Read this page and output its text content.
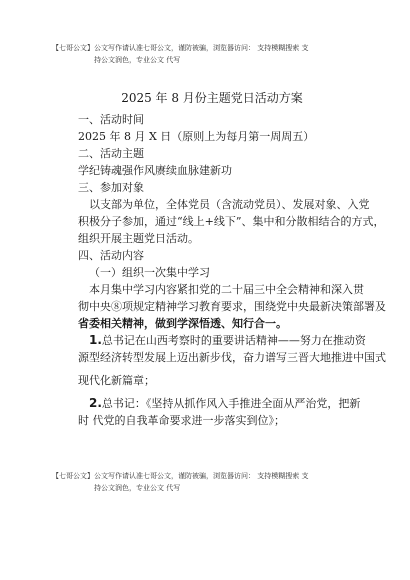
【七哥公文】公文写作请认准七哥公文，谨防被骗，浏览器访问： 支持模糊搜索 支
持公文润色，专业公文 代写

2025 年 8 月份主题党日活动方案

一、活动时间

2025 年 8 月 X 日（原则上为每月第一周周五）

二、活动主题

学纪铸魂强作风赓续血脉建新功

三、参加对象

以支部为单位，全体党员（含流动党员）、发展对象、入党

积极分子参加，通过“线上+线下”、集中和分散相结合的方式，

组织开展主题党日活动。

四、活动内容

（一）组织一次集中学习

本月集中学习内容紧扣党的二十届三中全会精神和深入贯

彻中央⑧项规定精神学习教育要求，围绕党中央最新决策部署及

省委相关精神，做到学深悟透、知行合一。

1.总书记在山西考察时的重要讲话精神——努力在推动资

源型经济转型发展上迈出新步伐，奋力谱写三晋大地推进中国式

现代化新篇章；

2.总书记：《坚持从抓作风入手推进全面从严治党，把新

时 代党的自我革命要求进一步落实到位》；

【七哥公文】公文写作请认准七哥公文，谨防被骗，浏览器访问： 支持模糊搜索 支
持公文润色，专业公文 代写
